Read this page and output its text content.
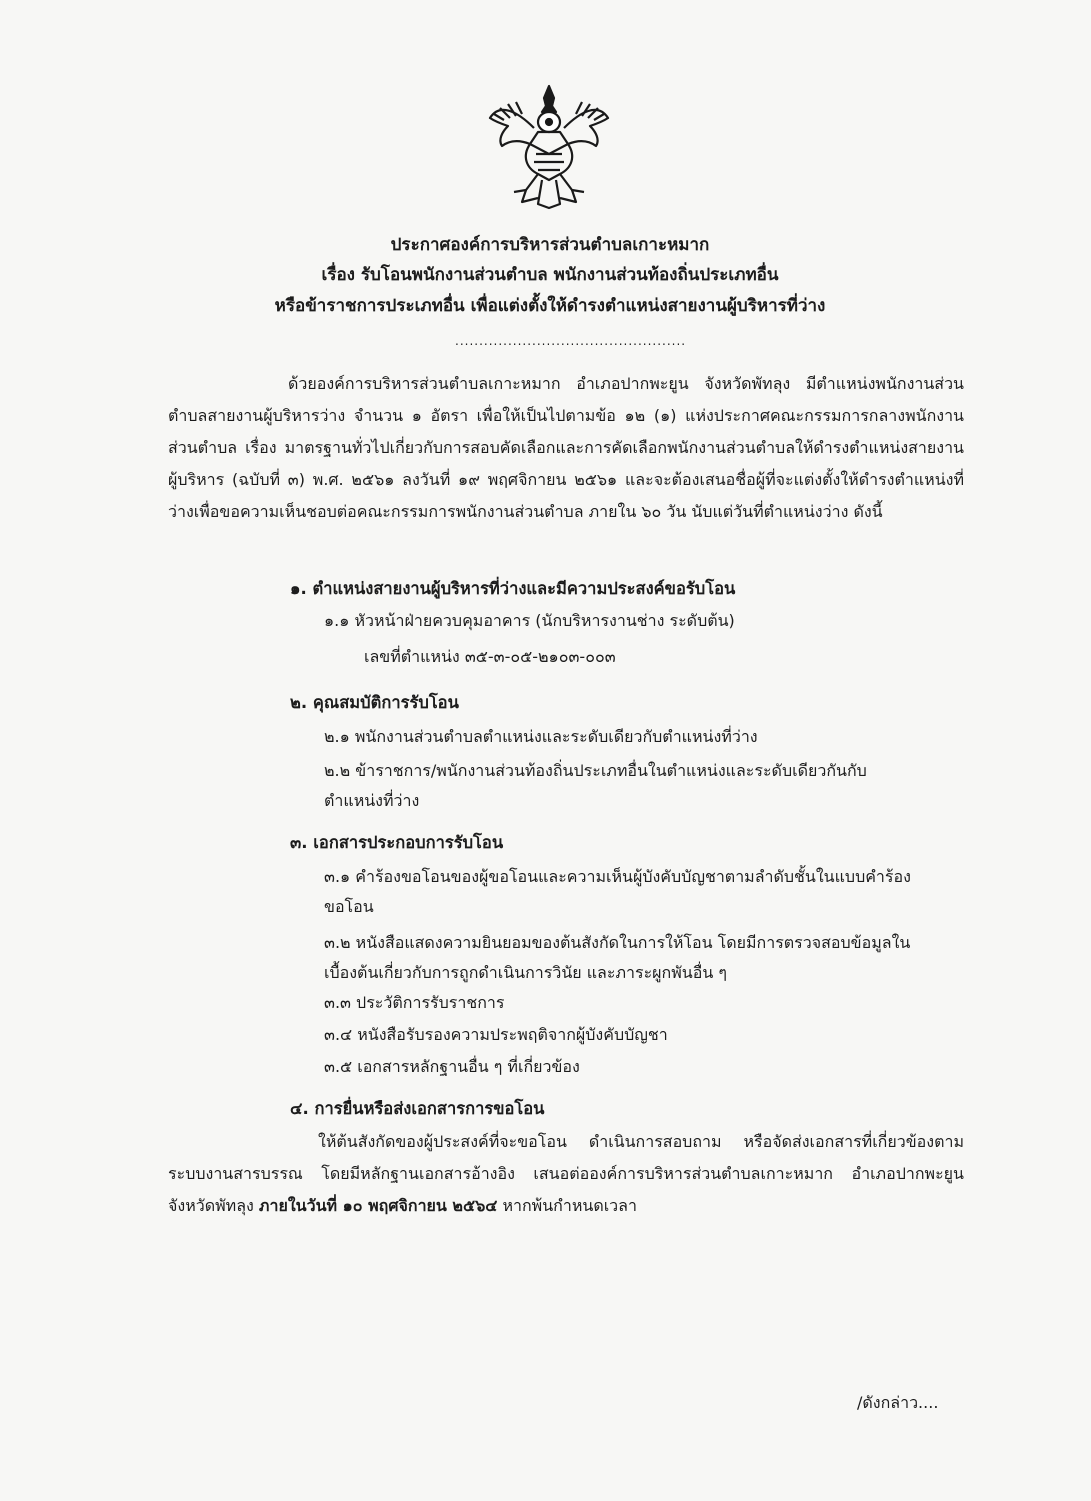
ประกาศองค์การบริหารส่วนตำบลเกาะหมาก
เรื่อง รับโอนพนักงานส่วนตำบล พนักงานส่วนท้องถิ่นประเภทอื่น
หรือข้าราชการประเภทอื่น เพื่อแต่งตั้งให้ดำรงตำแหน่งสายงานผู้บริหารที่ว่าง
................................................

ด้วยองค์การบริหารส่วนตำบลเกาะหมาก อำเภอปากพะยูน จังหวัดพัทลุง มีตำแหน่งพนักงานส่วนตำบลสายงานผู้บริหารว่าง จำนวน ๑ อัตรา เพื่อให้เป็นไปตามข้อ ๑๒ (๑) แห่งประกาศคณะกรรมการกลางพนักงานส่วนตำบล เรื่อง มาตรฐานทั่วไปเกี่ยวกับการสอบคัดเลือกและการคัดเลือกพนักงานส่วนตำบลให้ดำรงตำแหน่งสายงานผู้บริหาร (ฉบับที่ ๓) พ.ศ. ๒๕๖๑ ลงวันที่ ๑๙ พฤศจิกายน ๒๕๖๑ และจะต้องเสนอชื่อผู้ที่จะแต่งตั้งให้ดำรงตำแหน่งที่ว่างเพื่อขอความเห็นชอบต่อคณะกรรมการพนักงานส่วนตำบล ภายใน ๖๐ วัน นับแต่วันที่ตำแหน่งว่าง ดังนี้

๑. ตำแหน่งสายงานผู้บริหารที่ว่างและมีความประสงค์ขอรับโอน

๑.๑ หัวหน้าฝ่ายควบคุมอาคาร (นักบริหารงานช่าง ระดับต้น)

เลขที่ตำแหน่ง ๓๕-๓-๐๕-๒๑๐๓-๐๐๓

๒. คุณสมบัติการรับโอน

๒.๑ พนักงานส่วนตำบลตำแหน่งและระดับเดียวกับตำแหน่งที่ว่าง

๒.๒ ข้าราชการ/พนักงานส่วนท้องถิ่นประเภทอื่นในตำแหน่งและระดับเดียวกันกับ

ตำแหน่งที่ว่าง

๓. เอกสารประกอบการรับโอน

๓.๑ คำร้องขอโอนของผู้ขอโอนและความเห็นผู้บังคับบัญชาตามลำดับชั้นในแบบคำร้อง

ขอโอน

๓.๒ หนังสือแสดงความยินยอมของต้นสังกัดในการให้โอน โดยมีการตรวจสอบข้อมูลใน

เบื้องต้นเกี่ยวกับการถูกดำเนินการวินัย และภาระผูกพันอื่น ๆ

๓.๓ ประวัติการรับราชการ

๓.๔ หนังสือรับรองความประพฤติจากผู้บังคับบัญชา

๓.๕ เอกสารหลักฐานอื่น ๆ ที่เกี่ยวข้อง

๔. การยื่นหรือส่งเอกสารการขอโอน

ให้ต้นสังกัดของผู้ประสงค์ที่จะขอโอน ดำเนินการสอบถาม หรือจัดส่งเอกสารที่เกี่ยวข้องตามระบบงานสารบรรณ โดยมีหลักฐานเอกสารอ้างอิง เสนอต่อองค์การบริหารส่วนตำบลเกาะหมาก อำเภอปากพะยูน จังหวัดพัทลุง ภายในวันที่ ๑๐ พฤศจิกายน ๒๕๖๔ หากพ้นกำหนดเวลา

/ดังกล่าว....
